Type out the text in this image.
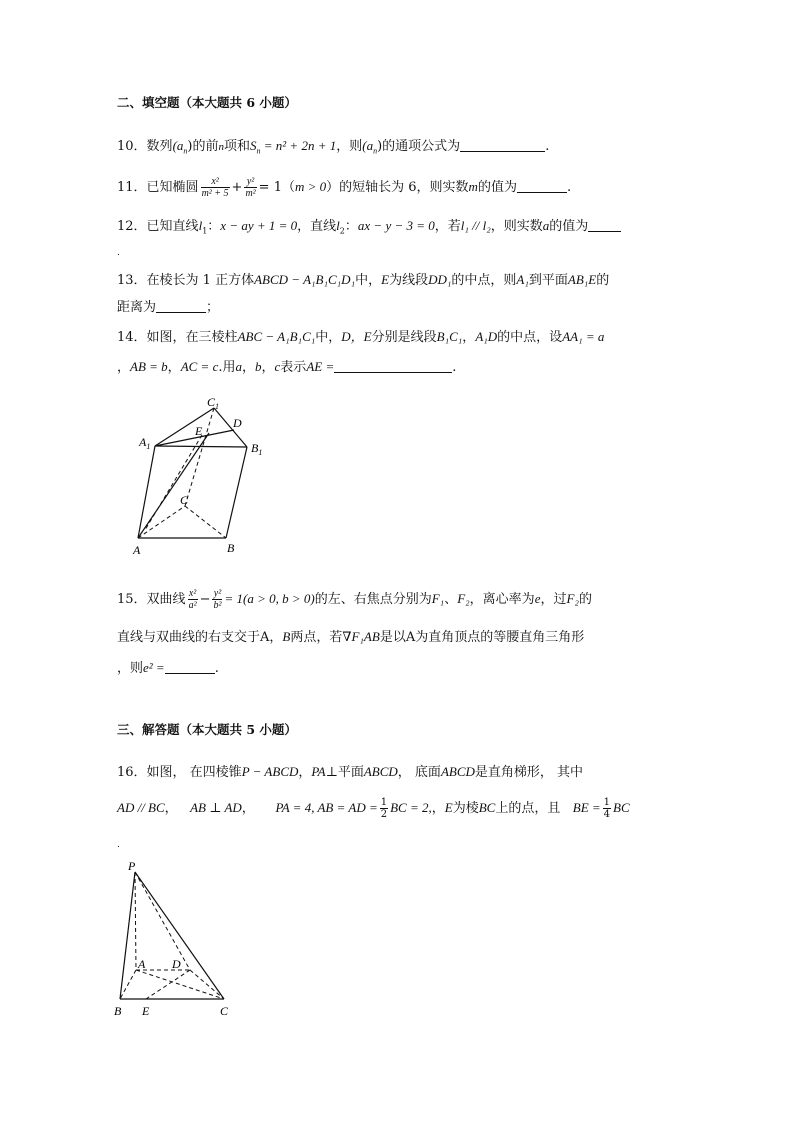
二、填空题（本大题共 6 小题）
10．数列$(a_n)$的前n项和$S_n = n^2 + 2n + 1$，则$(a_n)$的通项公式为	.
11．已知椭圆 $\frac{\text{x²}}{\text{m² + 5}} + \frac{\text{y²}}{\text{m²}} = 1(m > 0)$的短轴长为 6，则实数m的值为	.
12．已知直线$l_1$：x − ay + 1 = 0，直线$l_2$：ax − y − 3 = 0，若l₁ // l₂，则实数a的值为
.
13．在棱长为 1 正方体ABCD − A₁B₁C₁D₁中，E为线段DD₁的中点，则A₁到平面AB₁E的
距离为	；
14．如图，在三棱柱ABC − A₁B₁C₁中，D，E分别是线段B₁C₁，A₁D的中点，设AA₁ = a
，AB = b，AC = c.用a，b，c表示AE =	.
$C_1$
E
D
$A_1$	$B_1$
C
A	B
15．双曲线 $\frac{\text{x²}}{\text{a²}} - \frac{\text{y²}}{\text{b²}} = 1(a > 0$, b > 0)的左、右焦点分别为F₁、F₂，离心率为e，过F₂的
直线与双曲线的右支交于A，B两点，若∇F₁AB是以A为直角顶点的等腰直角三角形
，则e² =	.
三、解答题（本大题共 5 小题）
16．如图， 在四棱锥P − ABCD，PA⊥平面ABCD， 底面ABCD是直角梯形， 其中
AD // BC，   AB ⊥ AD，     PA = 4, AB = AD = $\frac{1}{2}$ BC = 2,，E为棱BC上的点，且   BE = $\frac{1}{4}$ BC
.
P
A D
B E	C
